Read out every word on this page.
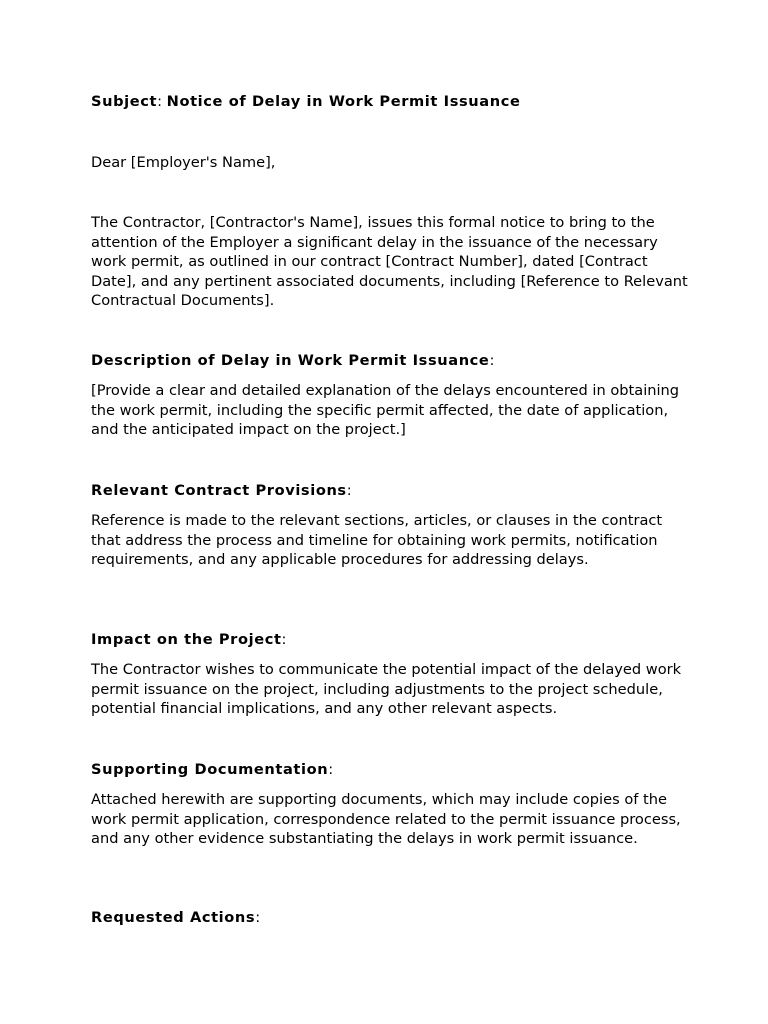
Subject: Notice of Delay in Work Permit Issuance
Dear [Employer's Name],
The Contractor, [Contractor's Name], issues this formal notice to bring to the attention of the Employer a significant delay in the issuance of the necessary work permit, as outlined in our contract [Contract Number], dated [Contract Date], and any pertinent associated documents, including [Reference to Relevant Contractual Documents].
Description of Delay in Work Permit Issuance:
[Provide a clear and detailed explanation of the delays encountered in obtaining the work permit, including the specific permit affected, the date of application, and the anticipated impact on the project.]
Relevant Contract Provisions:
Reference is made to the relevant sections, articles, or clauses in the contract that address the process and timeline for obtaining work permits, notification requirements, and any applicable procedures for addressing delays.
Impact on the Project:
The Contractor wishes to communicate the potential impact of the delayed work permit issuance on the project, including adjustments to the project schedule, potential financial implications, and any other relevant aspects.
Supporting Documentation:
Attached herewith are supporting documents, which may include copies of the work permit application, correspondence related to the permit issuance process, and any other evidence substantiating the delays in work permit issuance.
Requested Actions:
